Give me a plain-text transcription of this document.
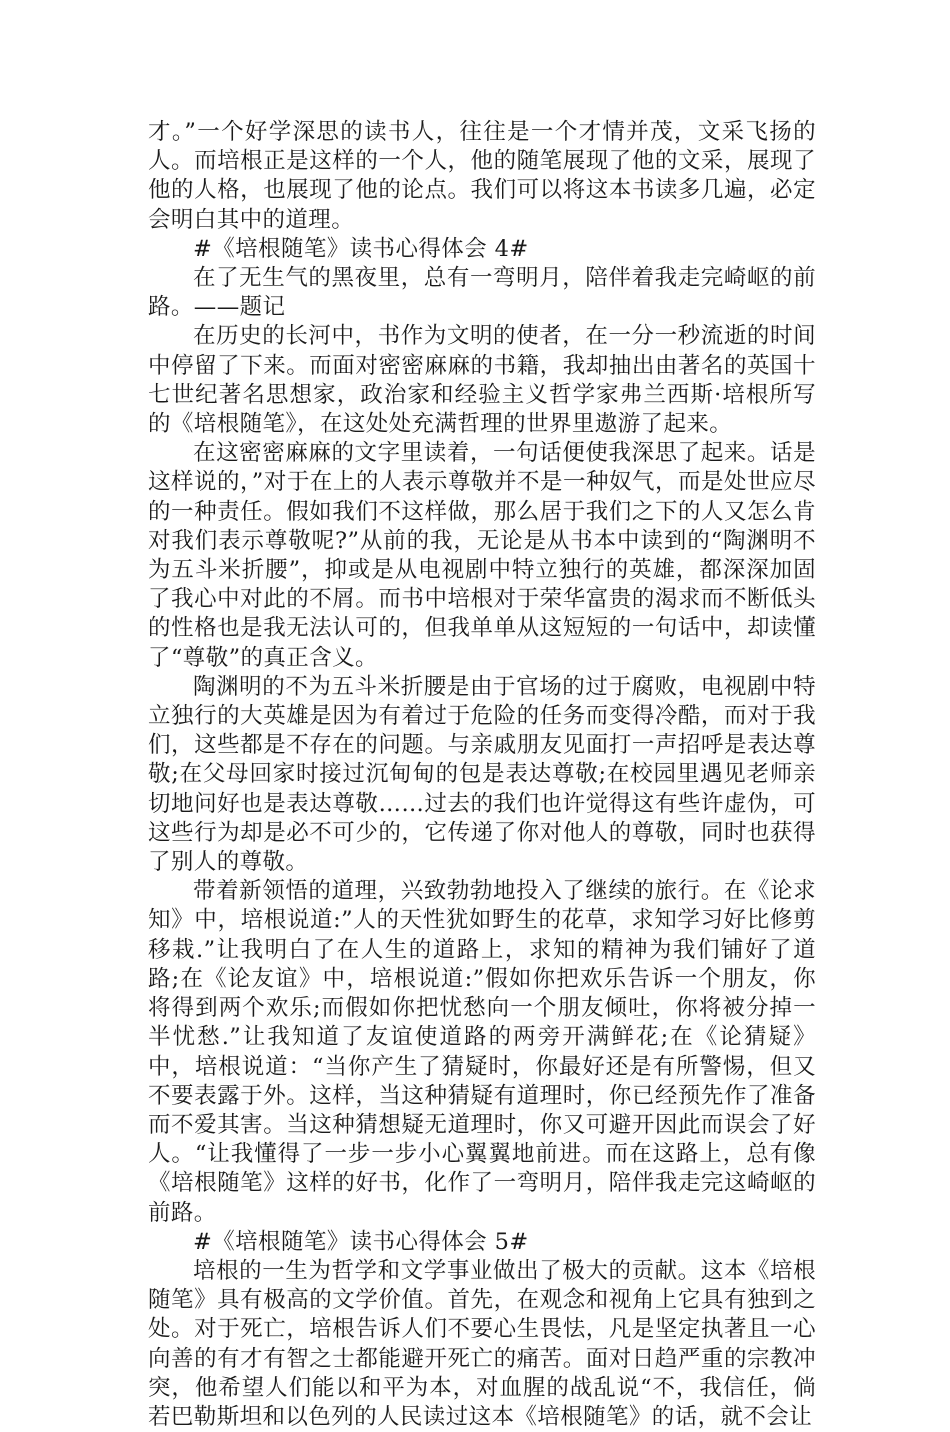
才。”一个好学深思的读书人，往往是一个才情并茂，文采飞扬的人。而培根正是这样的一个人，他的随笔展现了他的文采，展现了他的人格，也展现了他的论点。我们可以将这本书读多几遍，必定会明白其中的道理。

#《培根随笔》读书心得体会 4#

在了无生气的黑夜里，总有一弯明月，陪伴着我走完崎岖的前路。——题记

在历史的长河中，书作为文明的使者，在一分一秒流逝的时间中停留了下来。而面对密密麻麻的书籍，我却抽出由著名的英国十七世纪著名思想家，政治家和经验主义哲学家弗兰西斯·培根所写的《培根随笔》，在这处处充满哲理的世界里遨游了起来。

在这密密麻麻的文字里读着，一句话便使我深思了起来。话是这样说的，”对于在上的人表示尊敬并不是一种奴气，而是处世应尽的一种责任。假如我们不这样做，那么居于我们之下的人又怎么肯对我们表示尊敬呢?”从前的我，无论是从书本中读到的“陶渊明不为五斗米折腰”，抑或是从电视剧中特立独行的英雄，都深深加固了我心中对此的不屑。而书中培根对于荣华富贵的渴求而不断低头的性格也是我无法认可的，但我单单从这短短的一句话中，却读懂了“尊敬”的真正含义。

陶渊明的不为五斗米折腰是由于官场的过于腐败，电视剧中特立独行的大英雄是因为有着过于危险的任务而变得冷酷，而对于我们，这些都是不存在的问题。与亲戚朋友见面打一声招呼是表达尊敬;在父母回家时接过沉甸甸的包是表达尊敬;在校园里遇见老师亲切地问好也是表达尊敬……过去的我们也许觉得这有些许虚伪，可这些行为却是必不可少的，它传递了你对他人的尊敬，同时也获得了别人的尊敬。

带着新领悟的道理，兴致勃勃地投入了继续的旅行。在《论求知》中，培根说道:”人的天性犹如野生的花草，求知学习好比修剪移栽.”让我明白了在人生的道路上，求知的精神为我们铺好了道路;在《论友谊》中，培根说道:”假如你把欢乐告诉一个朋友，你将得到两个欢乐;而假如你把忧愁向一个朋友倾吐，你将被分掉一半忧愁.”让我知道了友谊使道路的两旁开满鲜花;在《论猜疑》中，培根说道：“当你产生了猜疑时，你最好还是有所警惕，但又不要表露于外。这样，当这种猜疑有道理时，你已经预先作了准备而不爱其害。当这种猜想疑无道理时，你又可避开因此而误会了好人。“让我懂得了一步一步小心翼翼地前进。而在这路上，总有像《培根随笔》这样的好书，化作了一弯明月，陪伴我走完这崎岖的前路。

#《培根随笔》读书心得体会 5#

培根的一生为哲学和文学事业做出了极大的贡献。这本《培根随笔》具有极高的文学价值。首先，在观念和视角上它具有独到之处。对于死亡，培根告诉人们不要心生畏怯，凡是坚定执著且一心向善的有才有智之士都能避开死亡的痛苦。面对日趋严重的宗教冲突，他希望人们能以和平为本，对血腥的战乱说“不，我信任，倘若巴勒斯坦和以色列的人民读过这本《培根随笔》的话，就不会让
